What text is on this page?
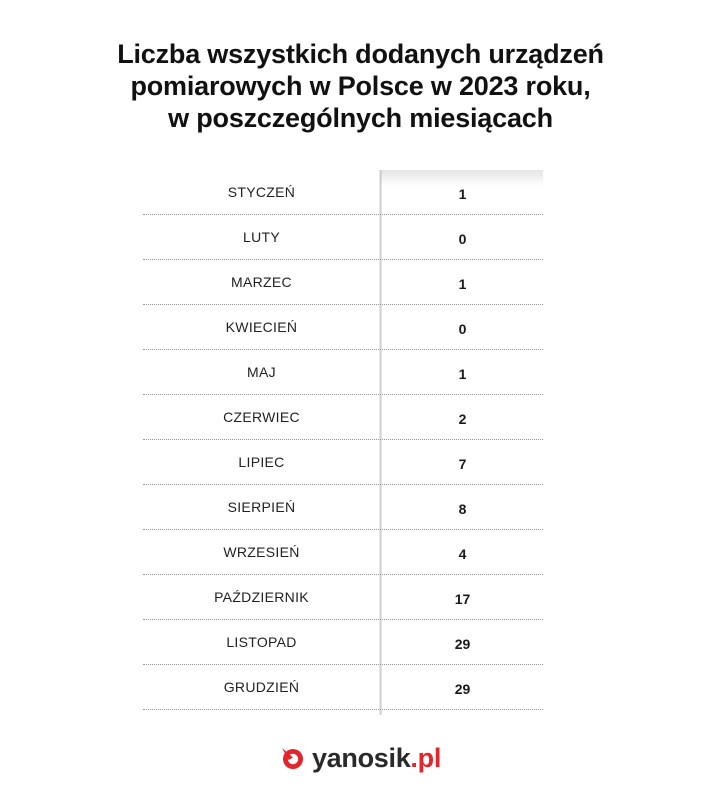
Liczba wszystkich dodanych urządzeń
pomiarowych w Polsce w 2023 roku,
w poszczególnych miesiącach
STYCZEŃ	1
LUTY	0
MARZEC	1
KWIECIEŃ	0
MAJ	1
CZERWIEC	2
LIPIEC	7
SIERPIEŃ	8
WRZESIEŃ	4
PAŹDZIERNIK	17
LISTOPAD	29
GRUDZIEŃ	29
yanosik.pl
